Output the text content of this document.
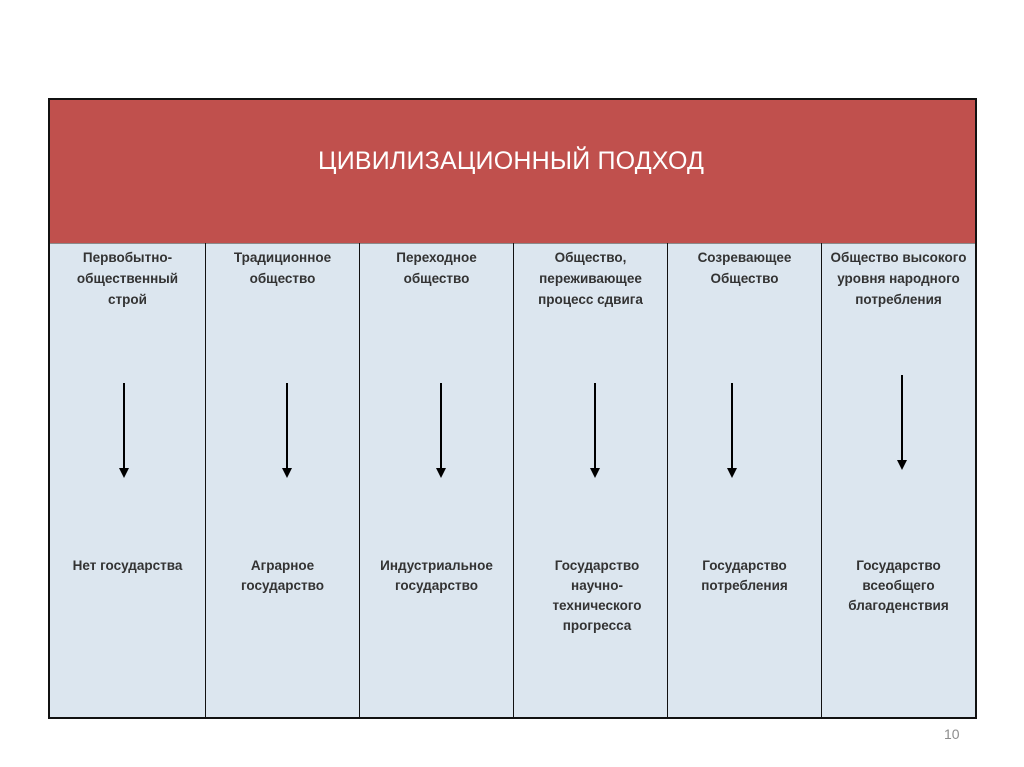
ЦИВИЛИЗАЦИОННЫЙ ПОДХОД
Первобытно-общественный строй
Нет государства
Традиционное общество
Аграрное государство
Переходное общество
Индустриальное государство
Общество, переживающее процесс сдвига
Государство научно-технического прогресса
Созревающее Общество
Государство потребления
Общество высокого уровня народного потребления
Государство всеобщего благоденствия
10
